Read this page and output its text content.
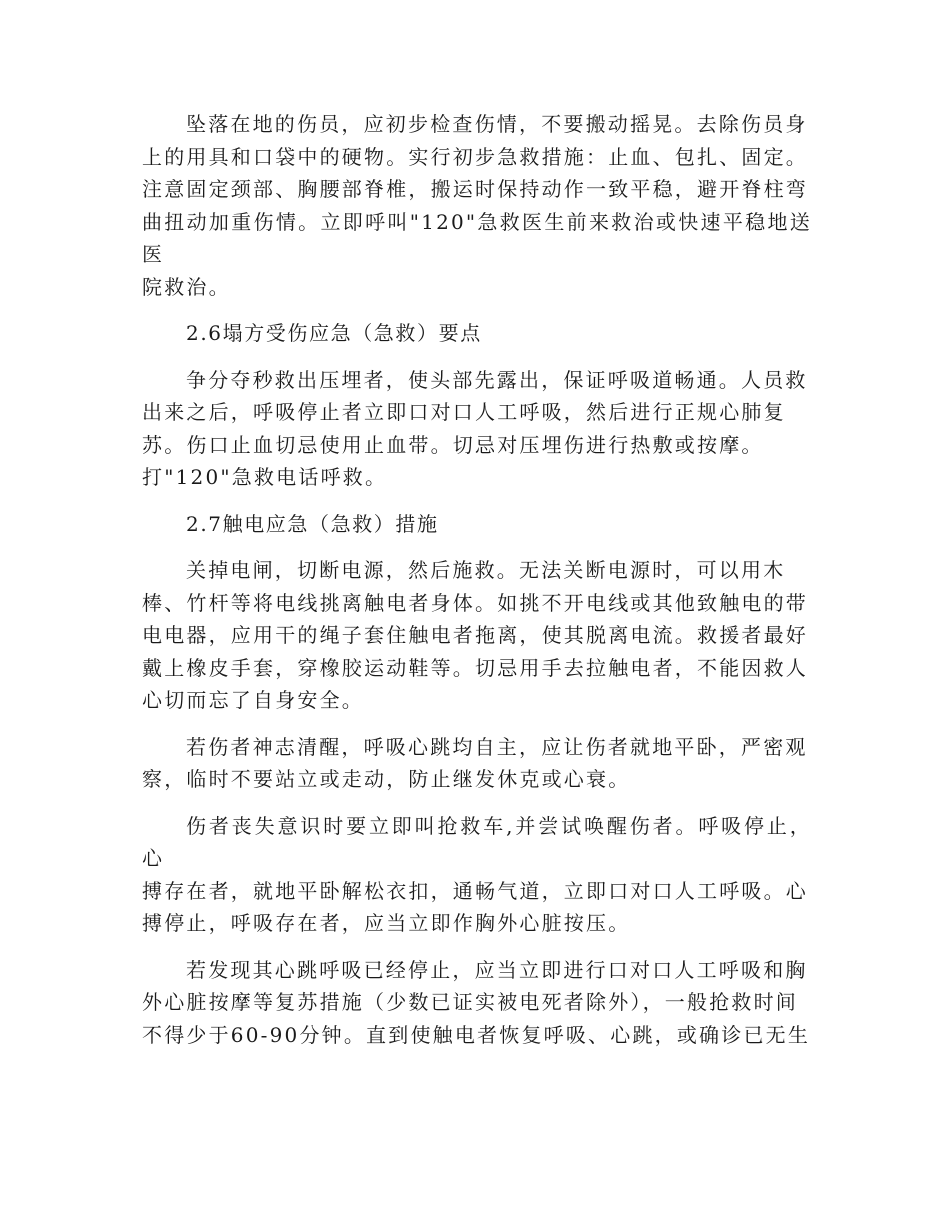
坠落在地的伤员，应初步检查伤情，不要搬动摇晃。去除伤员身
上的用具和口袋中的硬物。实行初步急救措施：止血、包扎、固定。
注意固定颈部、胸腰部脊椎，搬运时保持动作一致平稳，避开脊柱弯
曲扭动加重伤情。立即呼叫"120"急救医生前来救治或快速平稳地送医
院救治。
2.6塌方受伤应急（急救）要点
争分夺秒救出压埋者，使头部先露出，保证呼吸道畅通。人员救
出来之后，呼吸停止者立即口对口人工呼吸，然后进行正规心肺复
苏。伤口止血切忌使用止血带。切忌对压埋伤进行热敷或按摩。
打"120"急救电话呼救。
2.7触电应急（急救）措施
关掉电闸，切断电源，然后施救。无法关断电源时，可以用木
棒、竹杆等将电线挑离触电者身体。如挑不开电线或其他致触电的带
电电器，应用干的绳子套住触电者拖离，使其脱离电流。救援者最好
戴上橡皮手套，穿橡胶运动鞋等。切忌用手去拉触电者，不能因救人
心切而忘了自身安全。
若伤者神志清醒，呼吸心跳均自主，应让伤者就地平卧，严密观
察，临时不要站立或走动，防止继发休克或心衰。
伤者丧失意识时要立即叫抢救车,并尝试唤醒伤者。呼吸停止，心
搏存在者，就地平卧解松衣扣，通畅气道，立即口对口人工呼吸。心
搏停止，呼吸存在者，应当立即作胸外心脏按压。
若发现其心跳呼吸已经停止，应当立即进行口对口人工呼吸和胸
外心脏按摩等复苏措施（少数已证实被电死者除外），一般抢救时间
不得少于60-90分钟。直到使触电者恢复呼吸、心跳，或确诊已无生
